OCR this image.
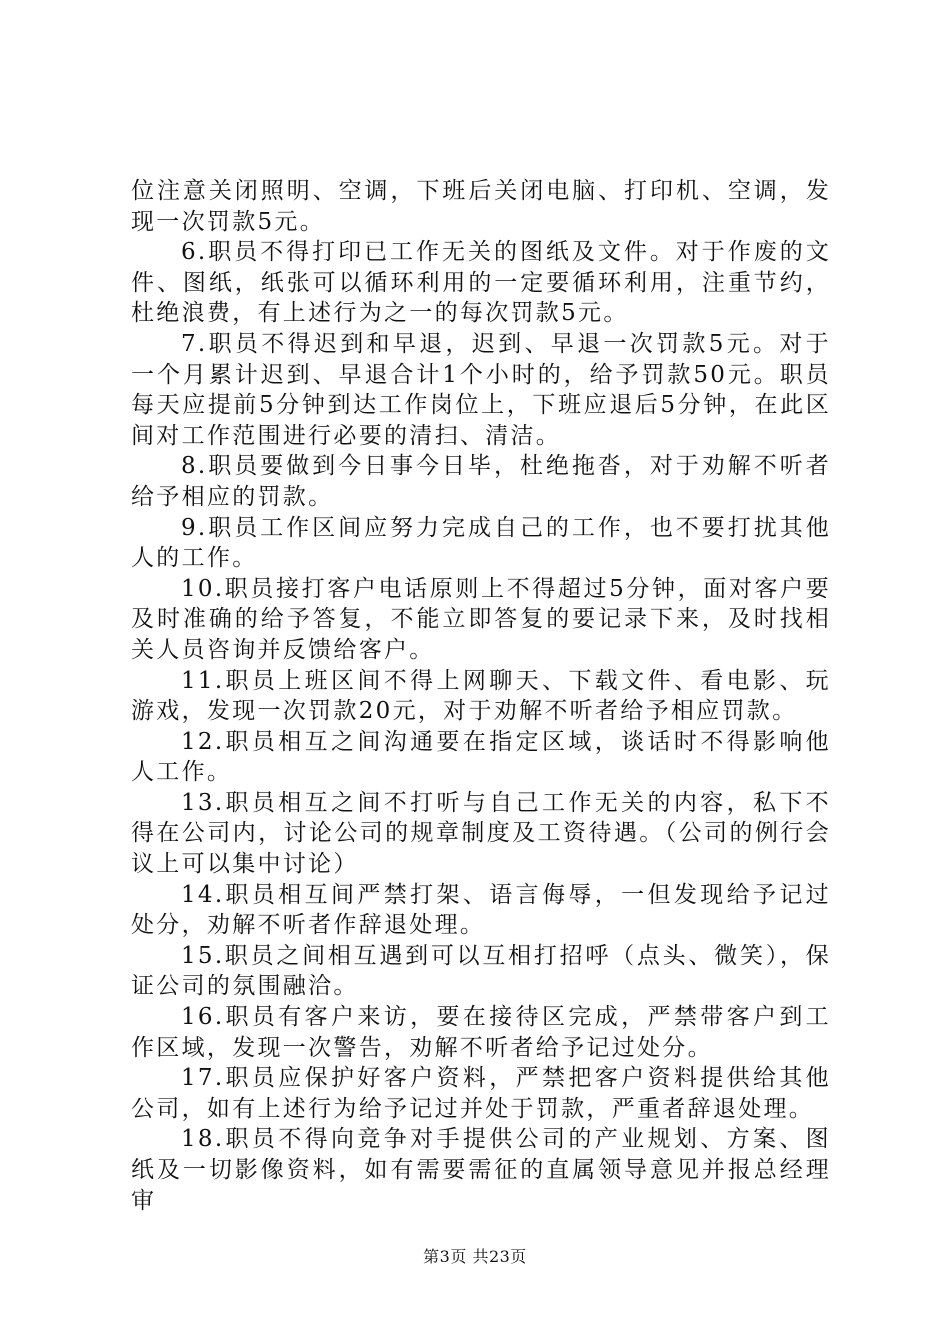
位注意关闭照明、空调，下班后关闭电脑、打印机、空调，发现一次罚款5元。

6.职员不得打印已工作无关的图纸及文件。对于作废的文件、图纸，纸张可以循环利用的一定要循环利用，注重节约，杜绝浪费，有上述行为之一的每次罚款5元。

7.职员不得迟到和早退，迟到、早退一次罚款5元。对于一个月累计迟到、早退合计1个小时的，给予罚款50元。职员每天应提前5分钟到达工作岗位上，下班应退后5分钟，在此区间对工作范围进行必要的清扫、清洁。

8.职员要做到今日事今日毕，杜绝拖沓，对于劝解不听者给予相应的罚款。

9.职员工作区间应努力完成自己的工作，也不要打扰其他人的工作。

10.职员接打客户电话原则上不得超过5分钟，面对客户要及时准确的给予答复，不能立即答复的要记录下来，及时找相关人员咨询并反馈给客户。

11.职员上班区间不得上网聊天、下载文件、看电影、玩游戏，发现一次罚款20元，对于劝解不听者给予相应罚款。

12.职员相互之间沟通要在指定区域，谈话时不得影响他人工作。

13.职员相互之间不打听与自己工作无关的内容，私下不得在公司内，讨论公司的规章制度及工资待遇。（公司的例行会议上可以集中讨论）

14.职员相互间严禁打架、语言侮辱，一但发现给予记过处分，劝解不听者作辞退处理。

15.职员之间相互遇到可以互相打招呼（点头、微笑），保证公司的氛围融洽。

16.职员有客户来访，要在接待区完成，严禁带客户到工作区域，发现一次警告，劝解不听者给予记过处分。

17.职员应保护好客户资料，严禁把客户资料提供给其他公司，如有上述行为给予记过并处于罚款，严重者辞退处理。

18.职员不得向竞争对手提供公司的产业规划、方案、图纸及一切影像资料，如有需要需征的直属领导意见并报总经理审

第3页 共23页
